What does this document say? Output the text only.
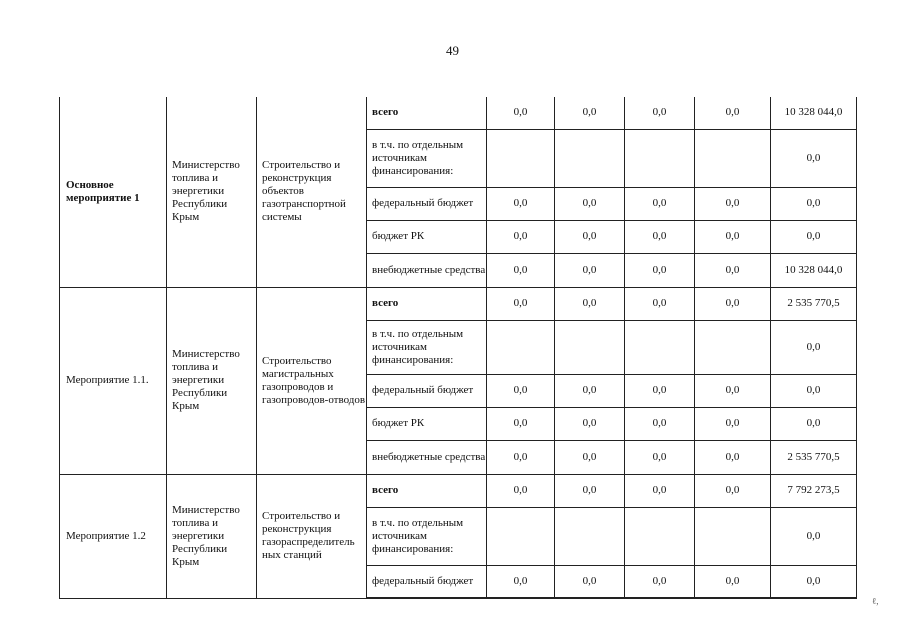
49
Основное мероприятие 1	Министерство топлива и энергетики Республики Крым	Строительство и реконструкция объектов газотранспортной системы	всего	0,0	0,0	0,0	0,0	10 328 044,0
			в т.ч. по отдельным источникам финансирования:					0,0
			федеральный бюджет	0,0	0,0	0,0	0,0	0,0
			бюджет РК	0,0	0,0	0,0	0,0	0,0
			внебюджетные средства	0,0	0,0	0,0	0,0	10 328 044,0
Мероприятие 1.1.	Министерство топлива и энергетики Республики Крым	Строительство магистральных газопроводов и газопроводов-отводов	всего	0,0	0,0	0,0	0,0	2 535 770,5
			в т.ч. по отдельным источникам финансирования:					0,0
			федеральный бюджет	0,0	0,0	0,0	0,0	0,0
			бюджет РК	0,0	0,0	0,0	0,0	0,0
			внебюджетные средства	0,0	0,0	0,0	0,0	2 535 770,5
Мероприятие 1.2	Министерство топлива и энергетики Республики Крым	Строительство и реконструкция газораспределитель ных станций	всего	0,0	0,0	0,0	0,0	7 792 273,5
			в т.ч. по отдельным источникам финансирования:					0,0
			федеральный бюджет	0,0	0,0	0,0	0,0	0,0
ℓ,
